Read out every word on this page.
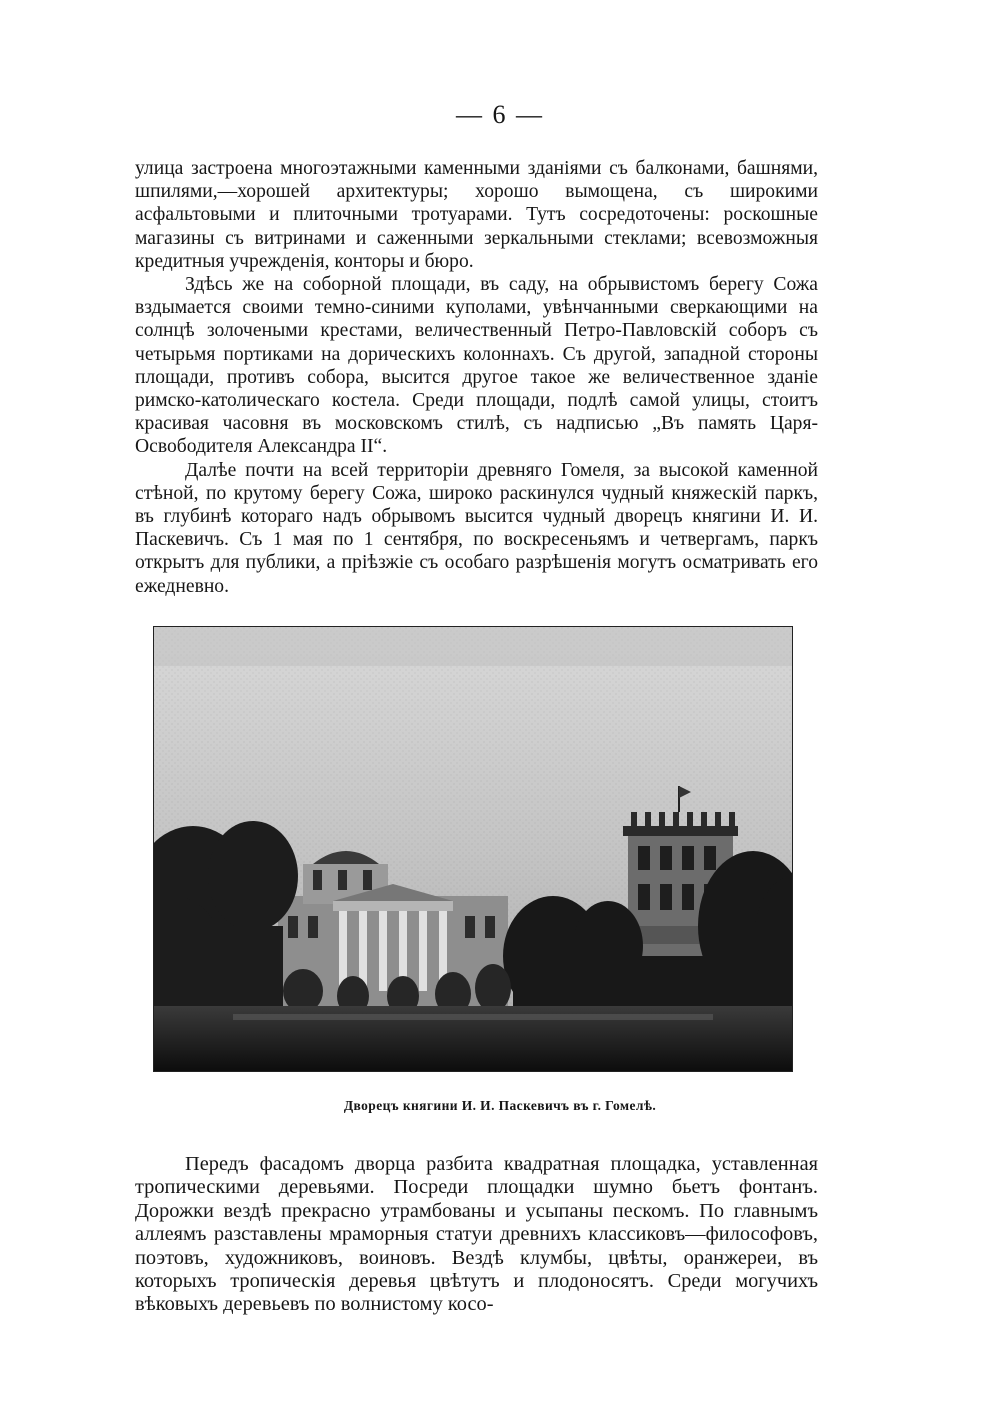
— 6 —

улица застроена многоэтажными каменными зданіями съ балконами, башнями, шпилями,—хорошей архитектуры; хорошо вымощена, съ широкими асфальтовыми и плиточными тротуарами. Тутъ сосредоточены: роскошные магазины съ витринами и саженными зеркальными стеклами; всевозможныя кредитныя учрежденія, конторы и бюро.

Здѣсь же на соборной площади, въ саду, на обрывистомъ берегу Сожа вздымается своими темно-синими куполами, увѣнчанными сверкающими на солнцѣ золочеными крестами, величественный Петро-Павловскій соборъ съ четырьмя портиками на дорическихъ колоннахъ. Съ другой, западной стороны площади, противъ собора, высится другое такое же величественное зданіе римско-католическаго костела. Среди площади, подлѣ самой улицы, стоитъ красивая часовня въ московскомъ стилѣ, съ надписью „Въ память Царя-Освободителя Александра II“.

Далѣе почти на всей территоріи древняго Гомеля, за высокой каменной стѣной, по крутому берегу Сожа, широко раскинулся чудный княжескій паркъ, въ глубинѣ котораго надъ обрывомъ высится чудный дворецъ княгини И. И. Паскевичъ. Съ 1 мая по 1 сентября, по воскресеньямъ и четвергамъ, паркъ открытъ для публики, а пріѣзжіе съ особаго разрѣшенія могутъ осматривать его ежедневно.

Дворецъ княгини И. И. Паскевичъ въ г. Гомелѣ.

Передъ фасадомъ дворца разбита квадратная площадка, уставленная тропическими деревьями. Посреди площадки шумно бьетъ фонтанъ. Дорожки вездѣ прекрасно утрамбованы и усыпаны пескомъ. По главнымъ аллеямъ разставлены мраморныя статуи древнихъ классиковъ—философовъ, поэтовъ, художниковъ, воиновъ. Вездѣ клумбы, цвѣты, оранжереи, въ которыхъ тропическія деревья цвѣтутъ и плодоносятъ. Среди могучихъ вѣковыхъ деревьевъ по волнистому косо-
